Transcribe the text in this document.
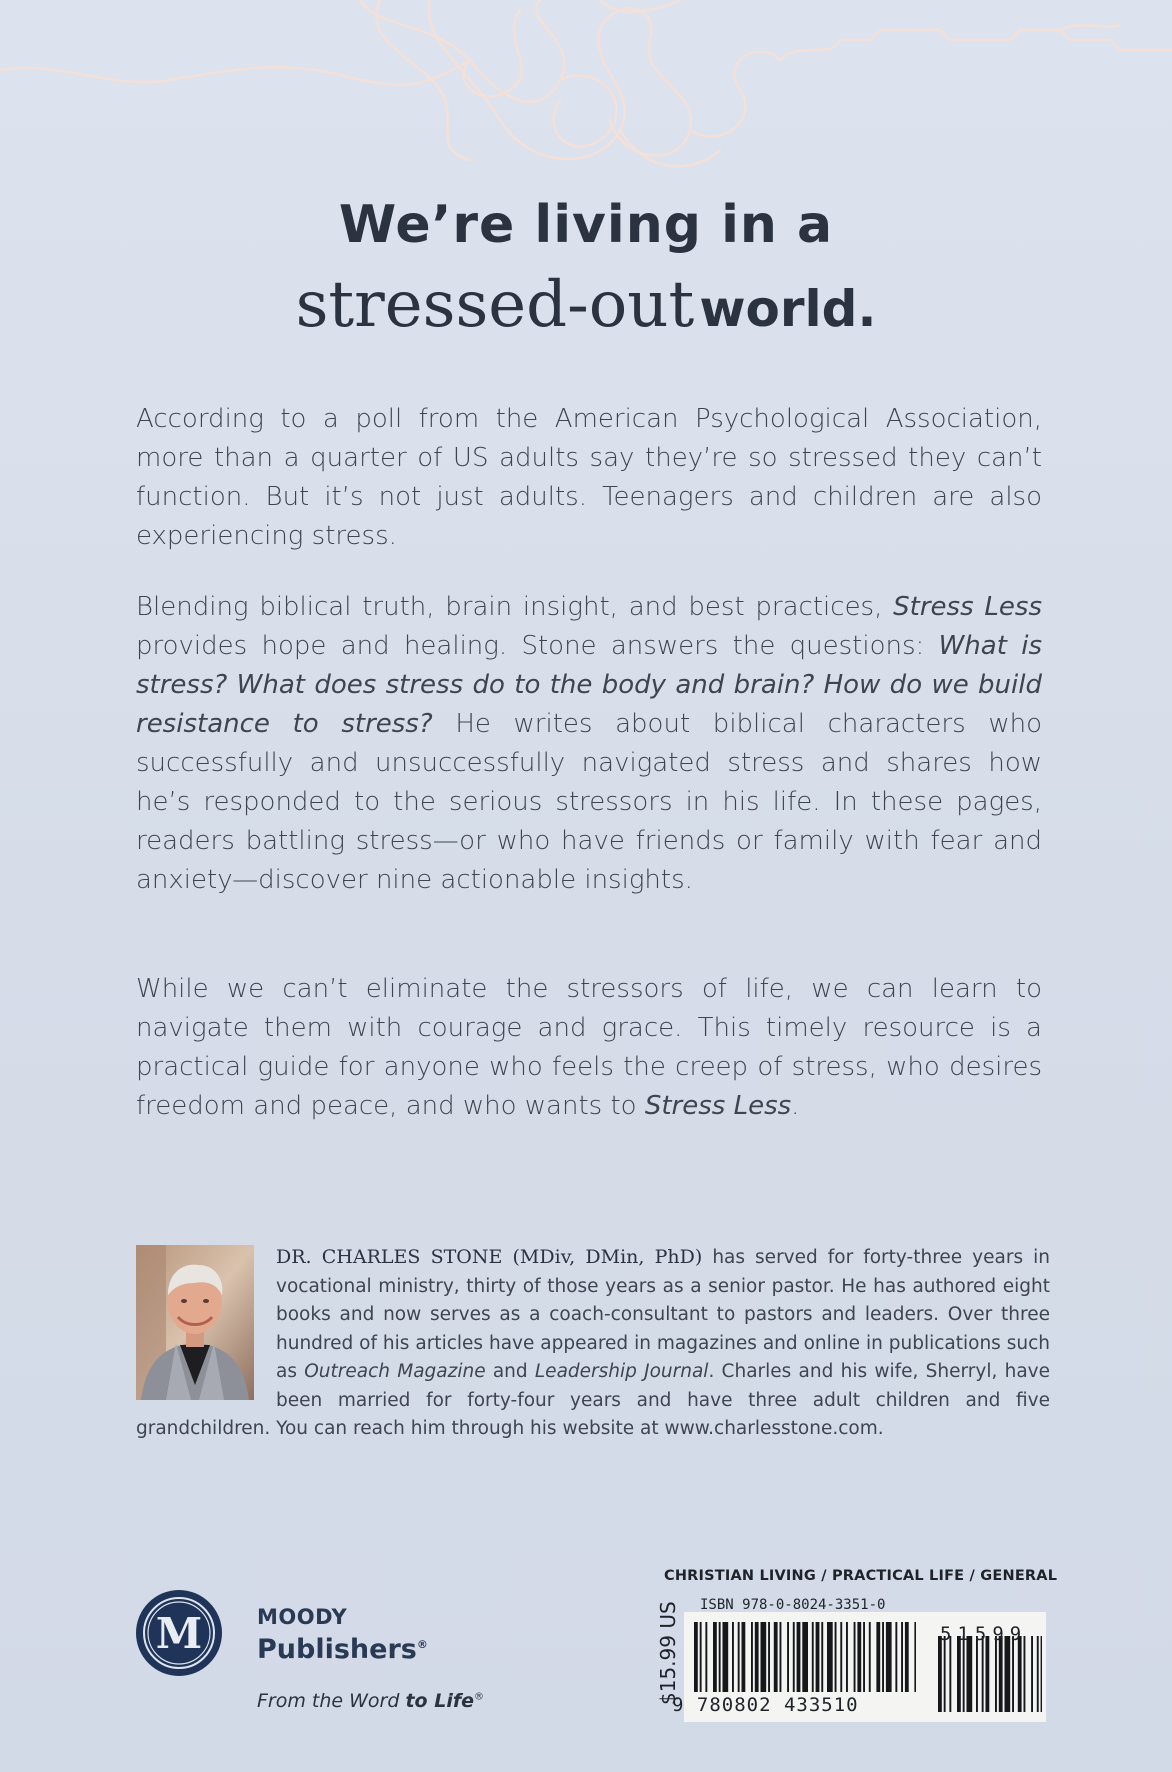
We’re living in a
stressed-out world.
According to a poll from the American Psychological Association, more than a quarter of US adults say they’re so stressed they can’t function. But it’s not just adults. Teenagers and children are also experiencing stress.
Blending biblical truth, brain insight, and best practices, Stress Less provides hope and healing. Stone answers the questions: What is stress? What does stress do to the body and brain? How do we build resistance to stress? He writes about biblical characters who successfully and unsuccessfully navigated stress and shares how he’s responded to the serious stressors in his life. In these pages, readers battling stress—or who have friends or family with fear and anxiety—discover nine actionable insights.
While we can’t eliminate the stressors of life, we can learn to navigate them with courage and grace. This timely resource is a practical guide for anyone who feels the creep of stress, who desires freedom and peace, and who wants to Stress Less.
DR. CHARLES STONE (MDiv, DMin, PhD) has served for forty-three years in vocational ministry, thirty of those years as a senior pastor. He has authored eight books and now serves as a coach-consultant to pastors and leaders. Over three hundred of his articles have appeared in magazines and online in publications such as Outreach Magazine and Leadership Journal. Charles and his wife, Sherryl, have been married for forty-four years and have three adult children and five grandchildren. You can reach him through his website at www.charlesstone.com.
M	MOODY
Publishers®
From the Word to Life®
CHRISTIAN LIVING / PRACTICAL LIFE / GENERAL
$15.99 US ISBN 978-0-8024-3351-0
51599
9 780802 433510
